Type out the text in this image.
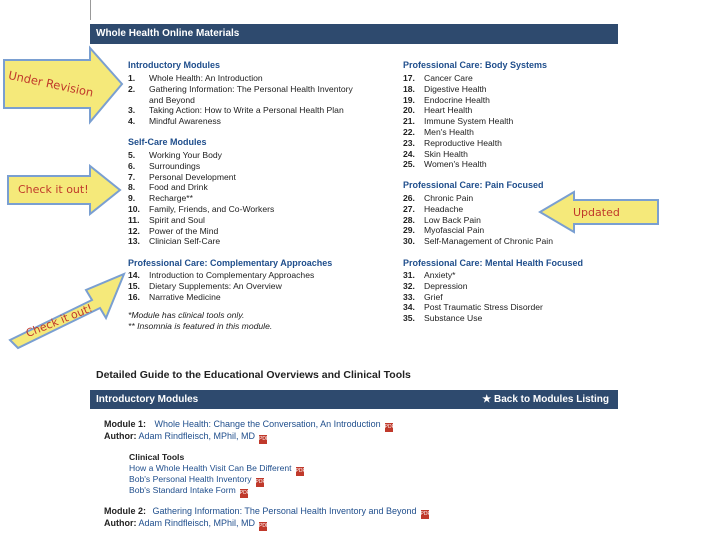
Whole Health Online Materials
Introductory Modules
1. Whole Health: An Introduction
2. Gathering Information: The Personal Health Inventory
and Beyond
3. Taking Action: How to Write a Personal Health Plan
4. Mindful Awareness
Self-Care Modules
5. Working Your Body
6. Surroundings
7. Personal Development
8. Food and Drink
9. Recharge**
10. Family, Friends, and Co-Workers
11. Spirit and Soul
12. Power of the Mind
13. Clinician Self-Care
Professional Care: Complementary Approaches
14. Introduction to Complementary Approaches
15. Dietary Supplements: An Overview
16. Narrative Medicine
*Module has clinical tools only.
** Insomnia is featured in this module.
Professional Care: Body Systems
17. Cancer Care
18. Digestive Health
19. Endocrine Health
20. Heart Health
21. Immune System Health
22. Men's Health
23. Reproductive Health
24. Skin Health
25. Women's Health
Professional Care: Pain Focused
26. Chronic Pain
27. Headache
28. Low Back Pain
29. Myofascial Pain
30. Self-Management of Chronic Pain
Professional Care: Mental Health Focused
31. Anxiety*
32. Depression
33. Grief
34. Post Traumatic Stress Disorder
35. Substance Use
Detailed Guide to the Educational Overviews and Clinical Tools
Introductory Modules	★ Back to Modules Listing
Module 1: Whole Health: Change the Conversation, An Introduction PDF
Author: Adam Rindfleisch, MPhil, MD PDF
Clinical Tools
How a Whole Health Visit Can Be Different PDF
Bob's Personal Health Inventory PDF
Bob's Standard Intake Form PDF
Module 2: Gathering Information: The Personal Health Inventory and Beyond PDF
Author: Adam Rindfleisch, MPhil, MD PDF
Under Revision
Check it out!
Updated
Check it out!
